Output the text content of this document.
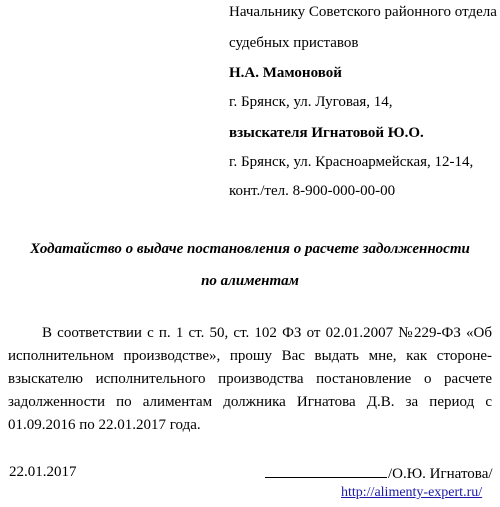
Начальнику Советского районного отдела
судебных приставов
Н.А. Мамоновой
г. Брянск, ул. Луговая, 14,
взыскателя Игнатовой Ю.О.
г. Брянск, ул. Красноармейская, 12-14,
конт./тел. 8-900-000-00-00
Ходатайство о выдаче постановления о расчете задолженности
по алиментам
В соответствии с п. 1 ст. 50, ст. 102 ФЗ от 02.01.2007 №229-ФЗ «Об исполнительном производстве», прошу Вас выдать мне, как стороне-взыскателю исполнительного производства постановление о расчете задолженности по алиментам должника Игнатова Д.В. за период с 01.09.2016 по 22.01.2017 года.
22.01.2017	/О.Ю. Игнатова/
http://alimenty-expert.ru/
